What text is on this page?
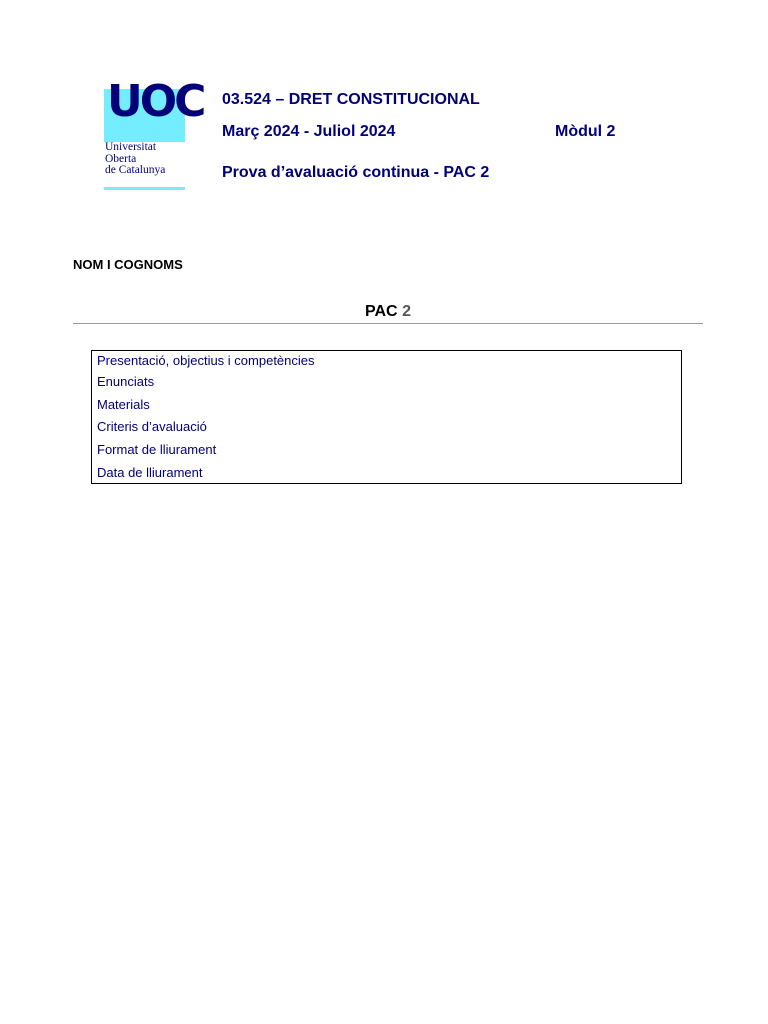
UOC
Universitat
Oberta
de Catalunya
03.524 – DRET CONSTITUCIONAL
Març 2024 - Juliol 2024	Mòdul 2
Prova d’avaluació continua - PAC 2
NOM I COGNOMS
PAC 2
Presentació, objectius i competències
Enunciats
Materials
Criteris d’avaluació
Format de lliurament
Data de lliurament
